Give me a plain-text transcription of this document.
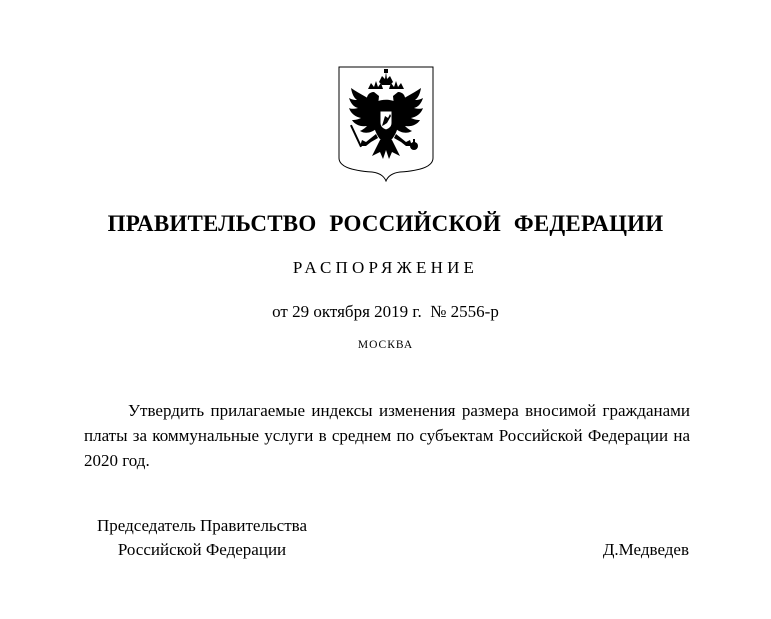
ПРАВИТЕЛЬСТВО РОССИЙСКОЙ ФЕДЕРАЦИИ
РАСПОРЯЖЕНИЕ
от 29 октября 2019 г.  № 2556-р
МОСКВА

Утвердить прилагаемые индексы изменения размера вносимой гражданами платы за коммунальные услуги в среднем по субъектам Российской Федерации на 2020 год.

Председатель Правительства
Российской Федерации	Д.Медведев
